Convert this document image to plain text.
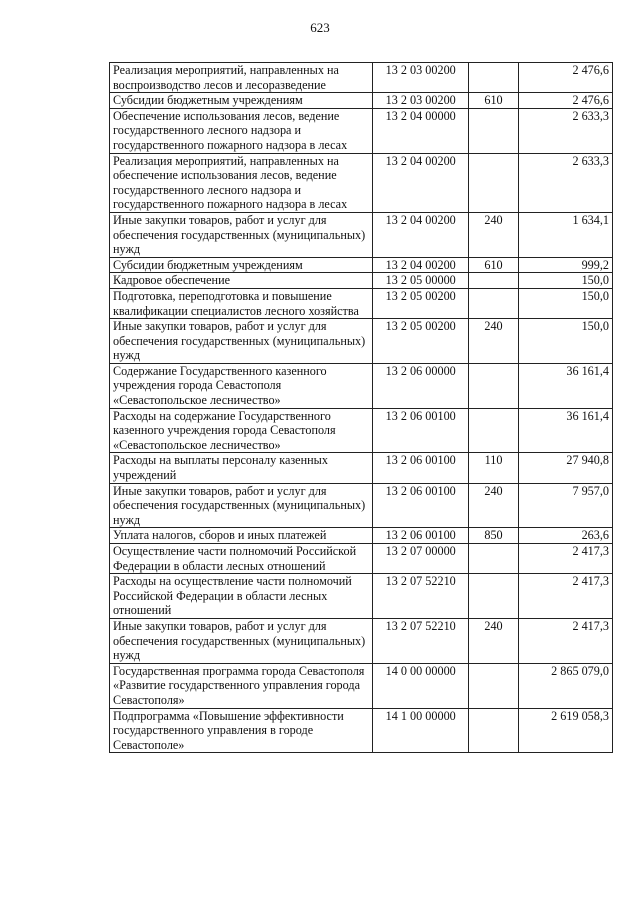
623
Реализация мероприятий, направленных на воспроизводство лесов и лесоразведение	13 2 03 00200		2 476,6
Субсидии бюджетным учреждениям	13 2 03 00200	610	2 476,6
Обеспечение использования лесов, ведение государственного лесного надзора и государственного пожарного надзора в лесах	13 2 04 00000		2 633,3
Реализация мероприятий, направленных на обеспечение использования лесов, ведение государственного лесного надзора и государственного пожарного надзора в лесах	13 2 04 00200		2 633,3
Иные закупки товаров, работ и услуг для обеспечения государственных (муниципальных) нужд	13 2 04 00200	240	1 634,1
Субсидии бюджетным учреждениям	13 2 04 00200	610	999,2
Кадровое обеспечение	13 2 05 00000		150,0
Подготовка, переподготовка и повышение квалификации специалистов лесного хозяйства	13 2 05 00200		150,0
Иные закупки товаров, работ и услуг для обеспечения государственных (муниципальных) нужд	13 2 05 00200	240	150,0
Содержание Государственного казенного учреждения города Севастополя «Севастопольское лесничество»	13 2 06 00000		36 161,4
Расходы на содержание Государственного казенного учреждения города Севастополя «Севастопольское лесничество»	13 2 06 00100		36 161,4
Расходы на выплаты персоналу казенных учреждений	13 2 06 00100	110	27 940,8
Иные закупки товаров, работ и услуг для обеспечения государственных (муниципальных) нужд	13 2 06 00100	240	7 957,0
Уплата налогов, сборов и иных платежей	13 2 06 00100	850	263,6
Осуществление части полномочий Российской Федерации в области лесных отношений	13 2 07 00000		2 417,3
Расходы на осуществление части полномочий Российской Федерации в области лесных отношений	13 2 07 52210		2 417,3
Иные закупки товаров, работ и услуг для обеспечения государственных (муниципальных) нужд	13 2 07 52210	240	2 417,3
Государственная программа города Севастополя «Развитие государственного управления города Севастополя»	14 0 00 00000		2 865 079,0
Подпрограмма «Повышение эффективности государственного управления в городе Севастополе»	14 1 00 00000		2 619 058,3
